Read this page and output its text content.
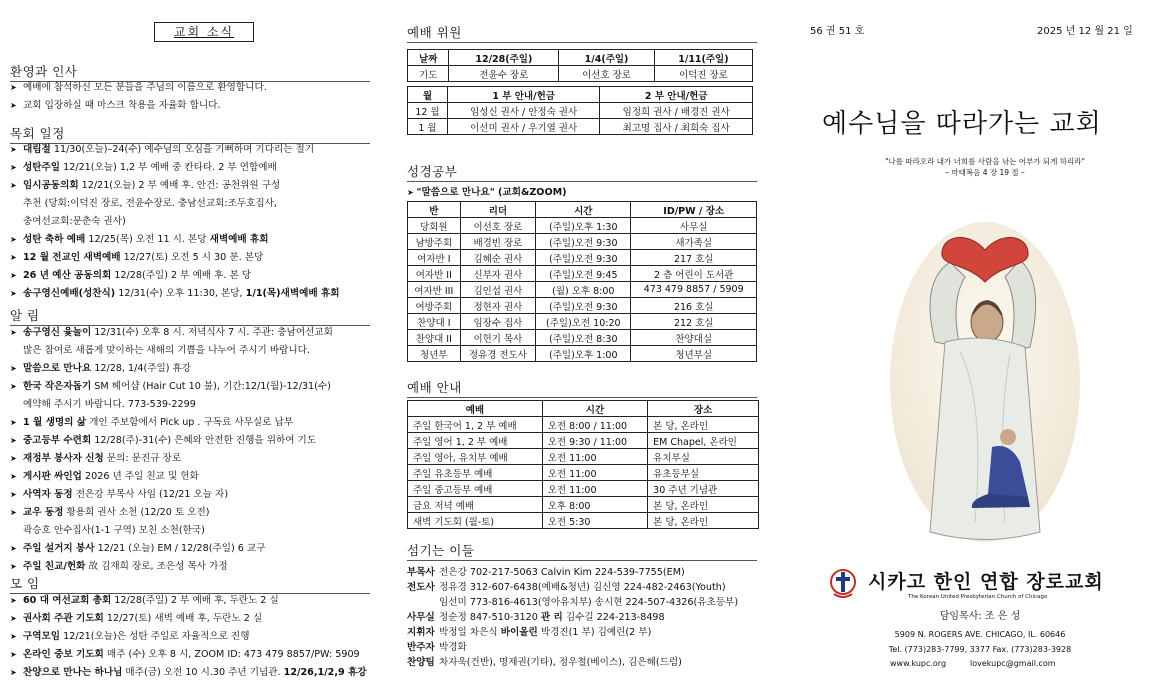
교회 소식
환영과 인사
➤ 예배에 참석하신 모든 분들을 주님의 이름으로 환영합니다.
➤ 교회 입장하실 때 마스크 착용을 자율화 합니다.
목회 일정
➤ 대림절 11/30(오늘)–24(수) 예수님의 오심을 기뻐하며 기다리는 절기
➤ 성탄주일 12/21(오늘) 1,2 부 예배 중 칸타타. 2 부 연합예배
➤ 임시공동의회 12/21(오늘) 2 부 예배 후. 안건: 공천위원 구성
추천 (당회:이덕진 장로, 전윤수장로. 충남선교회:조두호집사,
충여선교회:문춘숙 권사)
➤ 성탄 축하 예배 12/25(목) 오전 11 시. 본당 새벽예배 휴회
➤ 12 월 전교인 새벽예배 12/27(토) 오전 5 시 30 분. 본당
➤ 26 년 예산 공동의회 12/28(주일) 2 부 예배 후. 본 당
➤ 송구영신예배(성찬식) 12/31(수) 오후 11:30, 본당, 1/1(목)새벽예배 휴회
알 림
➤ 송구영신 윷놀이 12/31(수) 오후 8 시. 저녁식사 7 시. 주관: 충남여선교회
많은 참여로 새롭게 맞이하는 새해의 기쁨을 나누어 주시기 바랍니다.
➤ 말씀으로 만나요 12/28, 1/4(주일) 휴강
➤ 한국 작은자돕기 SM 헤어샵 (Hair Cut 10 불), 기간:12/1(월)-12/31(수)
예약해 주시기 바랍니다. 773-539-2299
➤ 1 월 생명의 삶 개인 주보함에서 Pick up . 구독료 사무실로 납부
➤ 중고등부 수련회 12/28(주)-31(수) 은혜와 안전한 진행을 위하여 기도
➤ 재정부 봉사자 신청 문의: 문진규 장로
➤ 게시판 싸인업 2026 년 주일 친교 및 헌화
➤ 사역자 동정 전은강 부목사 사임 (12/21 오늘 자)
➤ 교우 동정 황용희 권사 소천 (12/20 토 오전)
곽승호 안수집사(1-1 구역) 모친 소천(한국)
➤ 주일 설거지 봉사 12/21 (오늘) EM / 12/28(주일) 6 교구
➤ 주일 친교/헌화 故 김재희 장로, 조은성 목사 가정
모 임
➤ 60 대 여선교회 총회 12/28(주일) 2 부 예배 후, 두란노 2 실
➤ 권사회 주관 기도회 12/27(토) 새벽 예배 후, 두란노 2 실
➤ 구역모임 12/21(오늘)은 성탄 주일로 자율적으로 진행
➤ 온라인 중보 기도회 매주 (수) 오후 8 시, ZOOM ID: 473 479 8857/PW: 5909
➤ 찬양으로 만나는 하나님 매주(금) 오전 10 시.30 주년 기념관. 12/26,1/2,9 휴강
예배 위원
날짜	12/28(주일)	1/4(주일)	1/11(주일)
기도	전윤수 장로	이선호 장로	이덕진 장로
월	1 부 안내/헌금	2 부 안내/헌금
12 월	임성신 권사 / 안정숙 권사	임정희 권사 / 배경진 권사
1 월	이선미 권사 / 우기열 권사	최고명 집사 / 최희숙 집사
성경공부
➤ "말씀으로 만나요" (교회&ZOOM)
반	리더	시간	ID/PW / 장소
당회원	이선호 장로	(주일)오후 1:30	사무실
남방주회	배경빈 장로	(주일)오전 9:30	새가족실
여자반 I	김혜순 권사	(주일)오전 9:30	217 호실
여자반 II	신부자 권사	(주일)오전 9:45	2 층 어린이 도서관
여자반 III	김인섭 권사	(월) 오후 8:00	473 479 8857 / 5909
여방주회	정현자 권사	(주일)오전 9:30	216 호실
찬양대 I	임장수 집사	(주일)오전 10:20	212 호실
찬양대 II	이헌기 목사	(주일)오전 8:30	찬양대실
청년부	정유경 전도사	(주일)오후 1:00	청년부실
예배 안내
예배	시간	장소
주일 한국어 1, 2 부 예배	오전 8:00 / 11:00	본 당, 온라인
주일 영어 1, 2 부 예배	오전 9:30 / 11:00	EM Chapel, 온라인
주일 영아, 유치부 예배	오전 11:00	유치부실
주일 유초등부 예배	오전 11:00	유초등부실
주일 중고등부 예배	오전 11:00	30 주년 기념관
금요 저녁 예배	오후 8:00	본 당, 온라인
새벽 기도회 (월-토)	오전 5:30	본 당, 온라인
섬기는 이들
부목사 전은강 702-217-5063 Calvin Kim 224-539-7755(EM)
전도사 정유경 312-607-6438(예배&청년) 김신영 224-482-2463(Youth)
임선미 773-816-4613(영아유치부) 송시현 224-507-4326(유초등부)
사무실 정순정 847-510-3120 관 리 김수길 224-213-8498
지휘자 박정일 차은식 바이올린 박경진(1 부) 김예린(2 부)
반주자 박경화
찬양팀 차자욱(건반), 명제권(기타), 정우철(베이스), 김은혜(드럼)
56 권 51 호	2025 년 12 월 21 일
예수님을 따라가는 교회
"나를 따라오라 내가 너희를 사람을 낚는 어부가 되게 하리라"
– 마태복음 4 장 19 절 –
시카고 한인 연합 장로교회
The Korean United Presbyterian Church of Chicago
담임목사: 조 은 성
5909 N. ROGERS AVE. CHICAGO, IL. 60646
Tel. (773)283-7799, 3377 Fax. (773)283-3928
www.kupc.org	lovekupc@gmail.com
